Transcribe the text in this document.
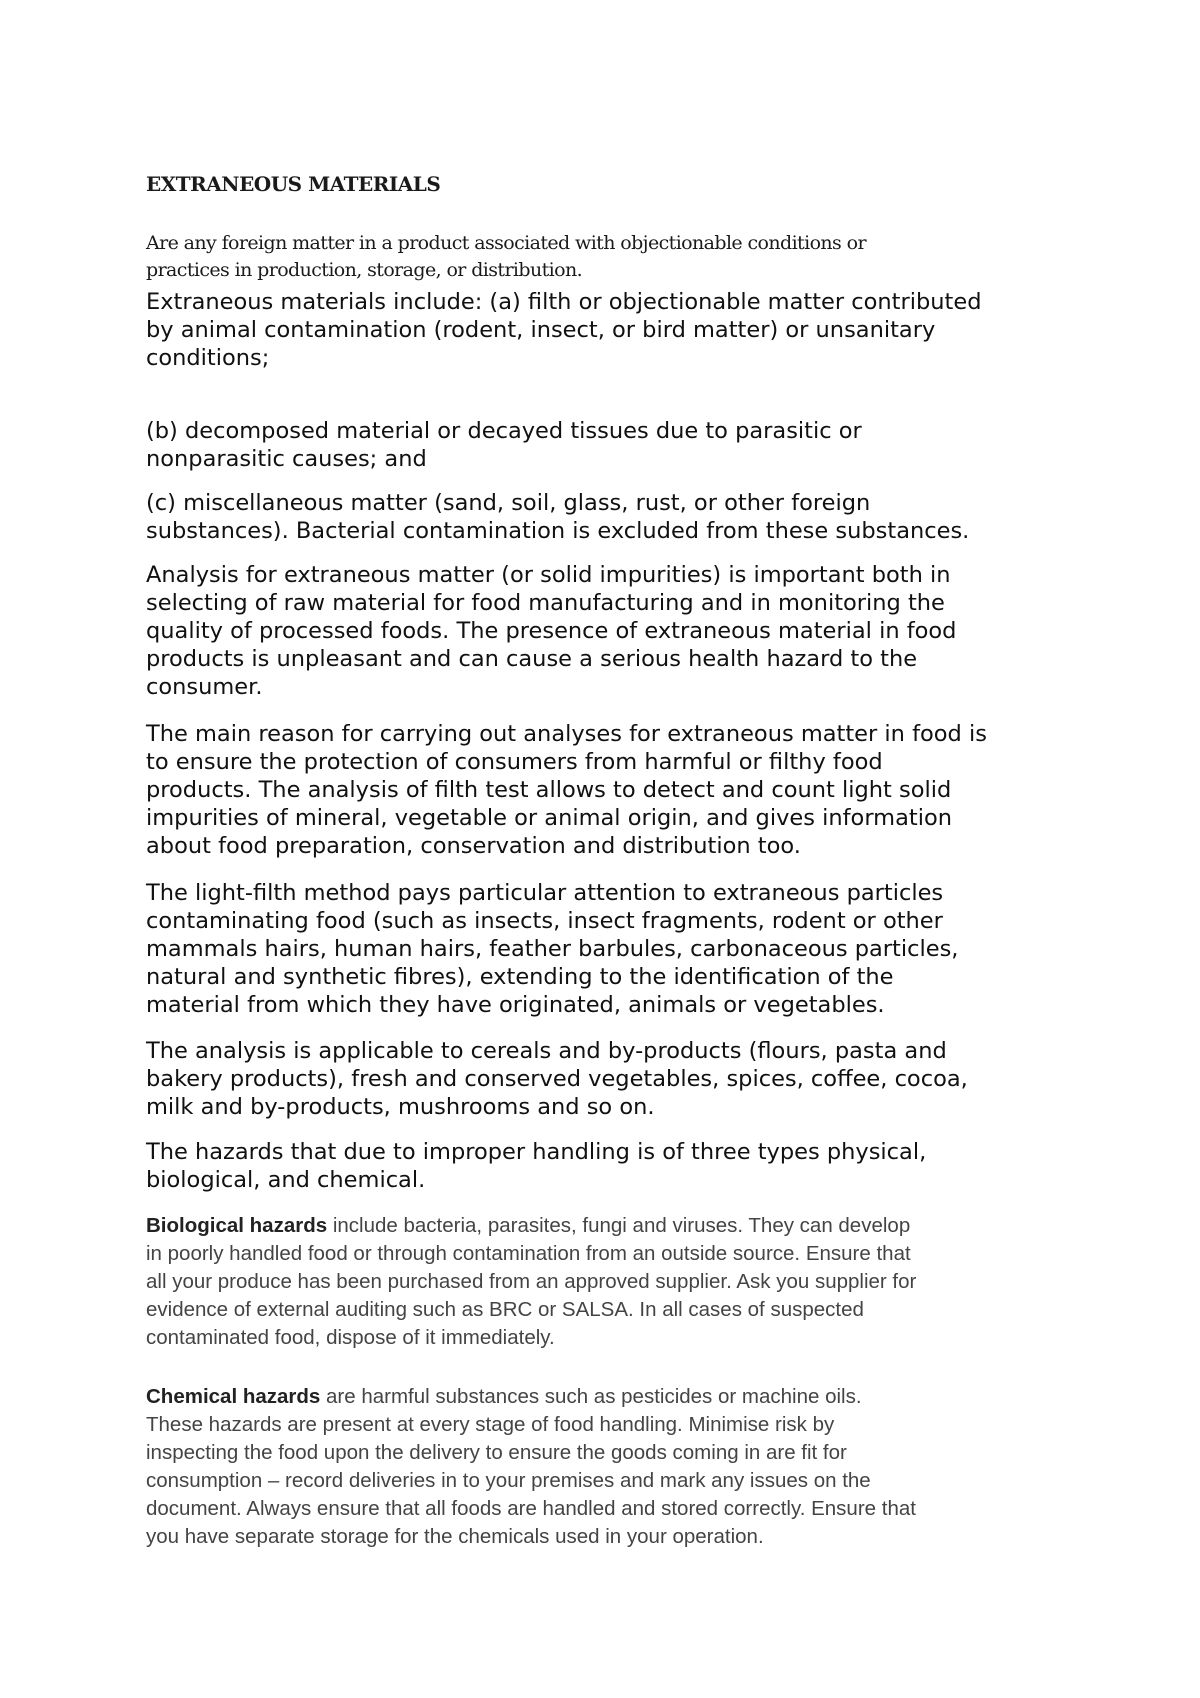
EXTRANEOUS MATERIALS

Are any foreign matter in a product associated with objectionable conditions or
practices in production, storage, or distribution.

Extraneous materials include: (a) filth or objectionable matter contributed
by animal contamination (rodent, insect, or bird matter) or unsanitary
conditions;

(b) decomposed material or decayed tissues due to parasitic or
nonparasitic causes; and

(c) miscellaneous matter (sand, soil, glass, rust, or other foreign
substances). Bacterial contamination is excluded from these substances.

Analysis for extraneous matter (or solid impurities) is important both in
selecting of raw material for food manufacturing and in monitoring the
quality of processed foods. The presence of extraneous material in food
products is unpleasant and can cause a serious health hazard to the
consumer.

The main reason for carrying out analyses for extraneous matter in food is
to ensure the protection of consumers from harmful or filthy food
products. The analysis of filth test allows to detect and count light solid
impurities of mineral, vegetable or animal origin, and gives information
about food preparation, conservation and distribution too.

The light-filth method pays particular attention to extraneous particles
contaminating food (such as insects, insect fragments, rodent or other
mammals hairs, human hairs, feather barbules, carbonaceous particles,
natural and synthetic fibres), extending to the identification of the
material from which they have originated, animals or vegetables.

The analysis is applicable to cereals and by-products (flours, pasta and
bakery products), fresh and conserved vegetables, spices, coffee, cocoa,
milk and by-products, mushrooms and so on.

The hazards that due to improper handling is of three types physical,
biological, and chemical.

Biological hazards include bacteria, parasites, fungi and viruses. They can develop
in poorly handled food or through contamination from an outside source. Ensure that
all your produce has been purchased from an approved supplier. Ask you supplier for
evidence of external auditing such as BRC or SALSA. In all cases of suspected
contaminated food, dispose of it immediately.

Chemical hazards are harmful substances such as pesticides or machine oils.
These hazards are present at every stage of food handling. Minimise risk by
inspecting the food upon the delivery to ensure the goods coming in are fit for
consumption – record deliveries in to your premises and mark any issues on the
document. Always ensure that all foods are handled and stored correctly. Ensure that
you have separate storage for the chemicals used in your operation.
